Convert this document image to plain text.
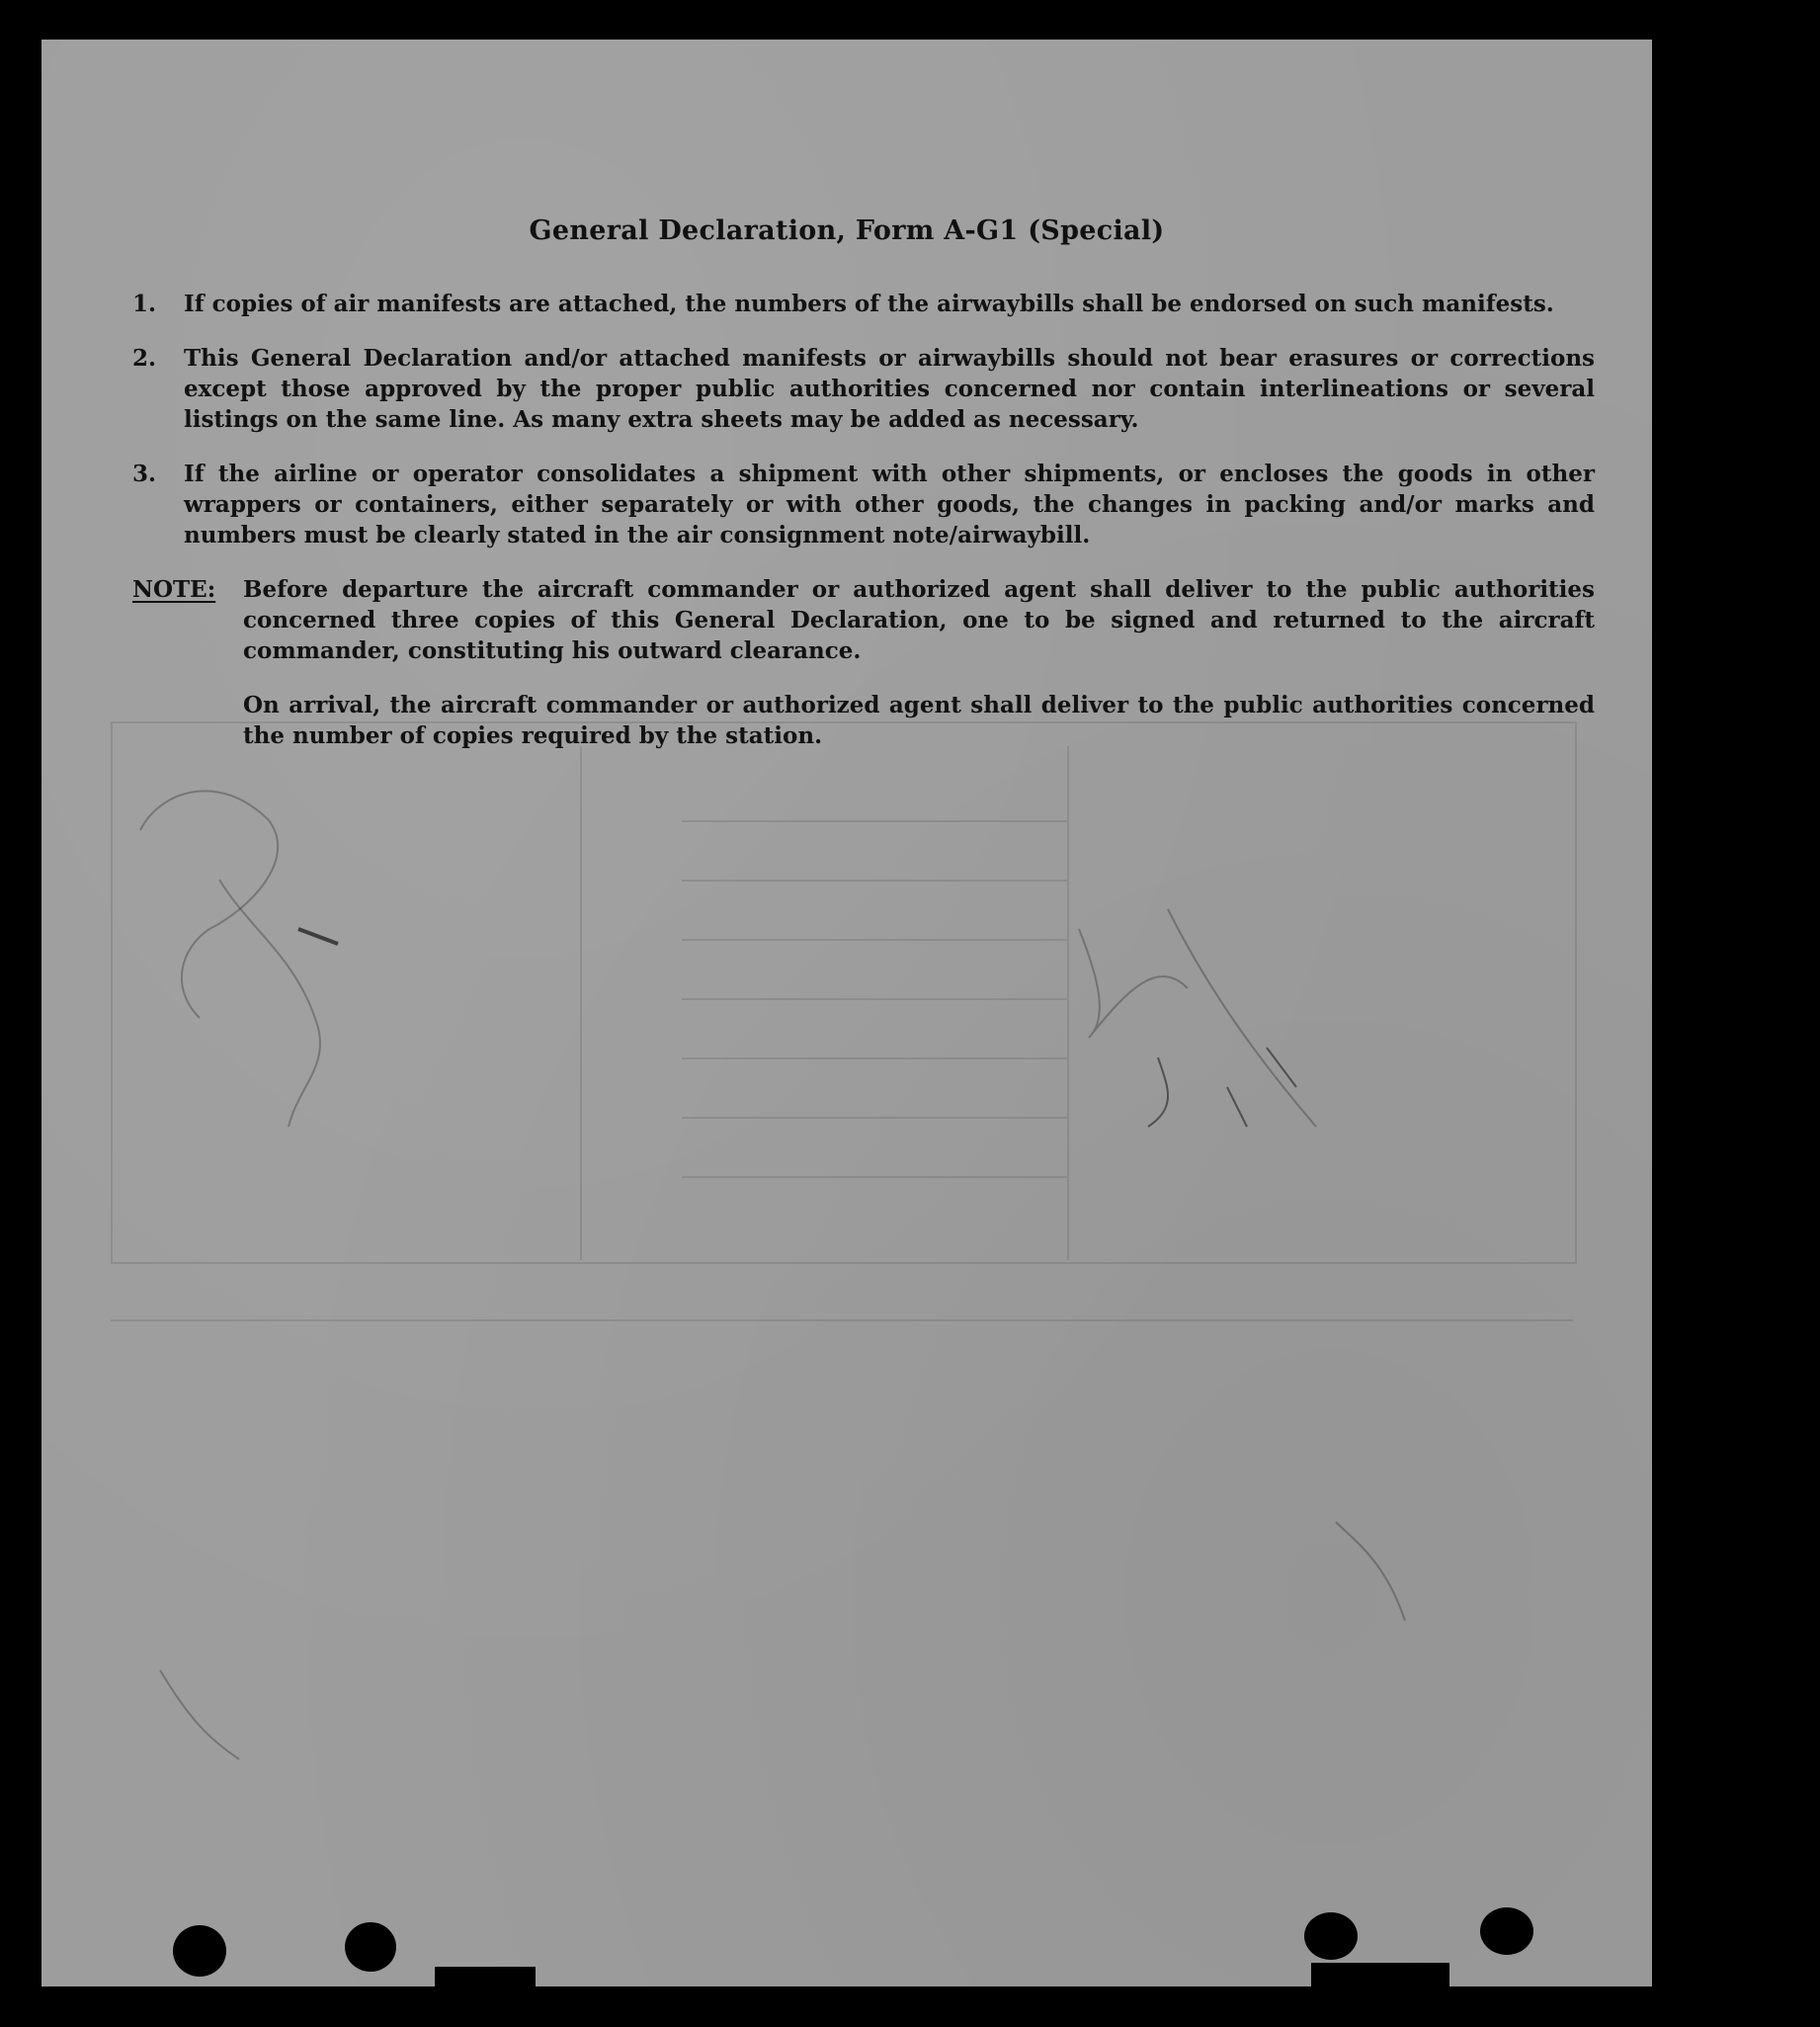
General Declaration, Form A-G1 (Special)
1.	If copies of air manifests are attached, the numbers of the airwaybills shall be endorsed on such manifests.
2.	This General Declaration and/or attached manifests or airwaybills should not bear erasures or corrections except those approved by the proper public authorities concerned nor contain interlineations or several listings on the same line. As many extra sheets may be added as necessary.
3.	If the airline or operator consolidates a shipment with other shipments, or encloses the goods in other wrappers or containers, either separately or with other goods, the changes in packing and/or marks and numbers must be clearly stated in the air consignment note/airwaybill.
NOTE: Before departure the aircraft commander or authorized agent shall deliver to the public authorities concerned three copies of this General Declaration, one to be signed and returned to the aircraft commander, constituting his outward clearance.
On arrival, the aircraft commander or authorized agent shall deliver to the public authorities concerned the number of copies required by the station.
